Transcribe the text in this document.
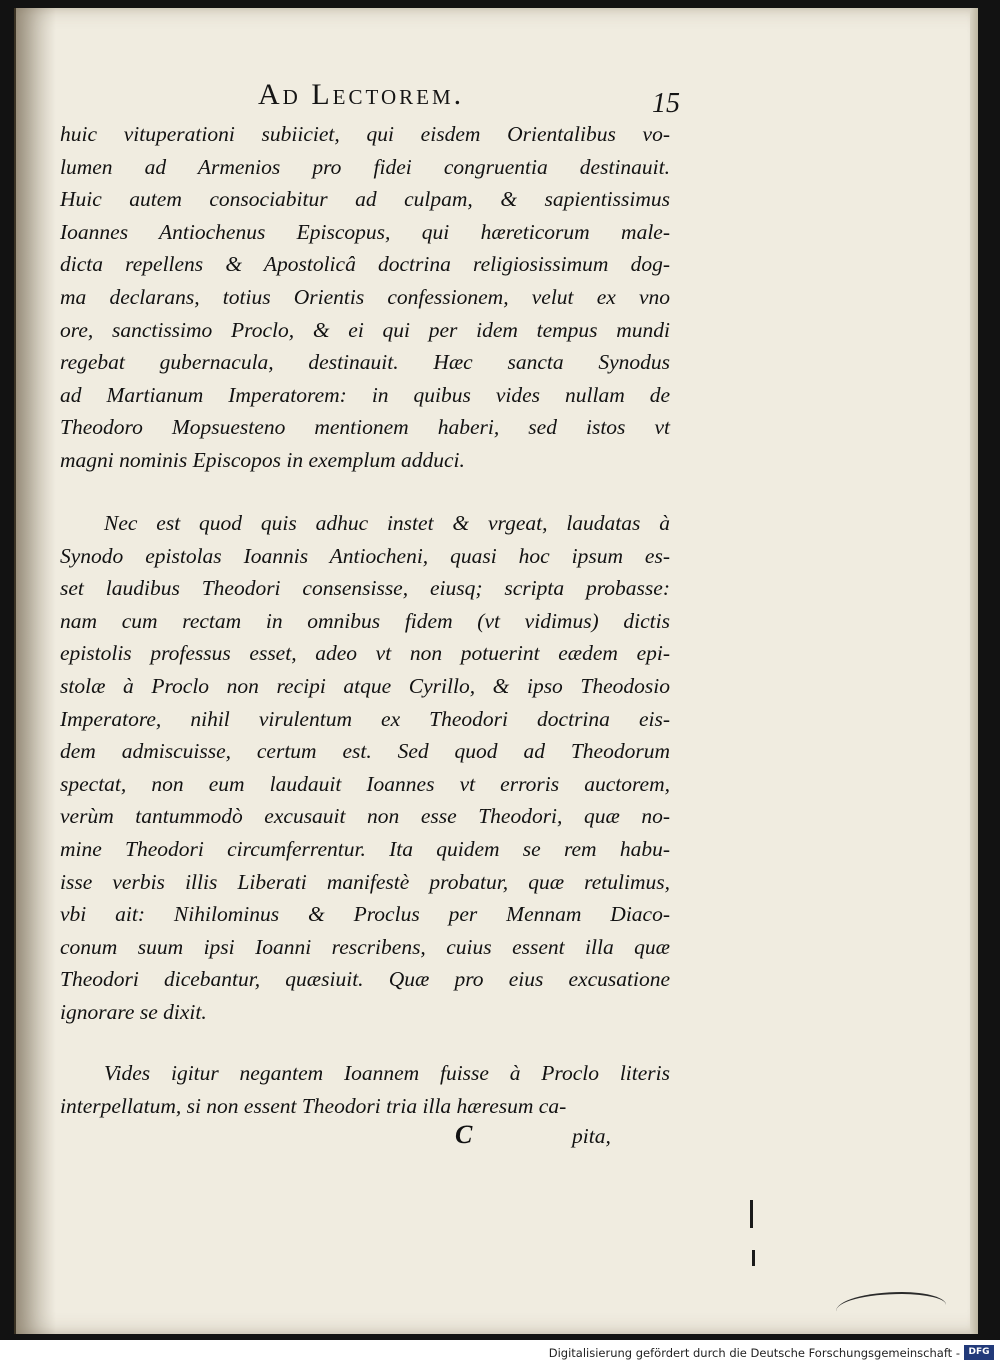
Ad Lectorem.	15
huic vituperationi subiiciet, qui eisdem Orientalibus vo-
lumen ad Armenios pro fidei congruentia destinauit.
Huic autem consociabitur ad culpam, & sapientissimus
Ioannes Antiochenus Episcopus, qui hæreticorum male-
dicta repellens & Apostolicâ doctrina religiosissimum dog-
ma declarans, totius Orientis confessionem, velut ex vno
ore, sanctissimo Proclo, & ei qui per idem tempus mundi
regebat gubernacula, destinauit. Hæc sancta Synodus
ad Martianum Imperatorem: in quibus vides nullam de
Theodoro Mopsuesteno mentionem haberi, sed istos vt
magni nominis Episcopos in exemplum adduci.
Nec est quod quis adhuc instet & vrgeat, laudatas à
Synodo epistolas Ioannis Antiocheni, quasi hoc ipsum es-
set laudibus Theodori consensisse, eiusq; scripta probasse:
nam cum rectam in omnibus fidem (vt vidimus) dictis
epistolis professus esset, adeo vt non potuerint eædem epi-
stolæ à Proclo non recipi atque Cyrillo, & ipso Theodosio
Imperatore, nihil virulentum ex Theodori doctrina eis-
dem admiscuisse, certum est. Sed quod ad Theodorum
spectat, non eum laudauit Ioannes vt erroris auctorem,
verùm tantummodò excusauit non esse Theodori, quæ no-
mine Theodori circumferrentur. Ita quidem se rem habu-
isse verbis illis Liberati manifestè probatur, quæ retulimus,
vbi ait: Nihilominus & Proclus per Mennam Diaco-
conum suum ipsi Ioanni rescribens, cuius essent illa quæ
Theodori dicebantur, quæsiuit. Quæ pro eius excusatione
ignorare se dixit.
Vides igitur negantem Ioannem fuisse à Proclo literis
interpellatum, si non essent Theodori tria illa hæresum ca-
C	pita,
Digitalisierung gefördert durch die Deutsche Forschungsgemeinschaft - DFG
